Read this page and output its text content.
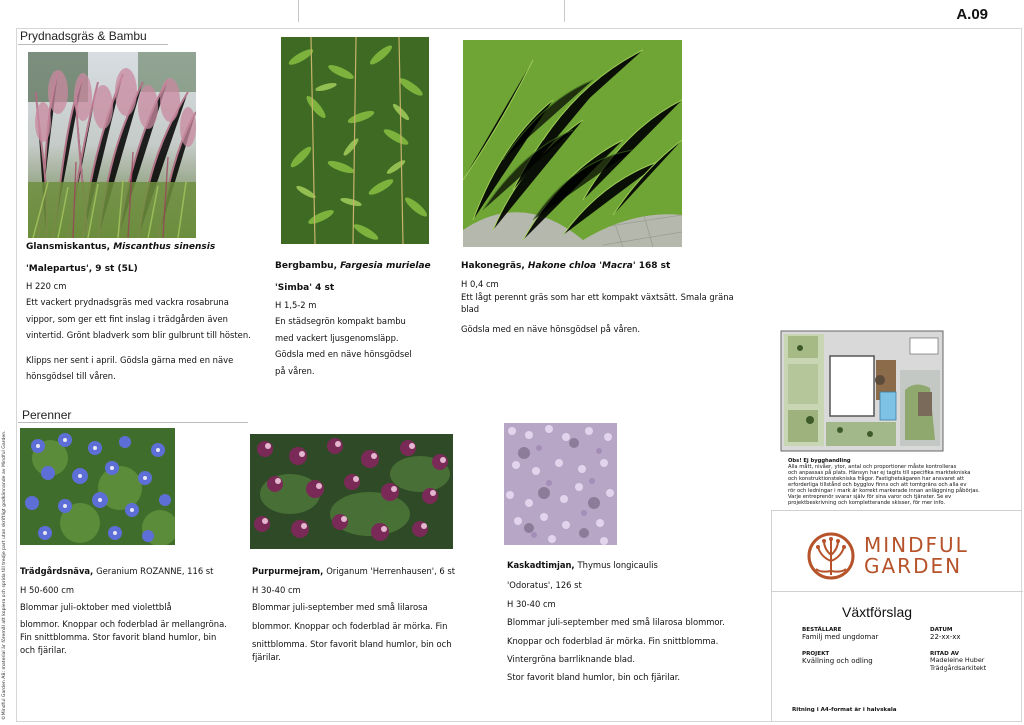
A.09
©Mindful Garden AB: material är föremål att kopiera och sprida till tredje part utan skriftligt godkännande av Mindful Garden.
Prydnadsgräs & Bambu

Glansmiskantus, Miscanthus sinensis

'Malepartus', 9 st (5L)

H 220 cm

Ett vackert prydnadsgräs med vackra rosabruna

vippor, som ger ett fint inslag i trädgården även

vintertid. Grönt bladverk som blir gulbrunt till hösten.

Klipps ner sent i april. Gödsla gärna med en näve

hönsgödsel till våren.

Bergbambu, Fargesia murielae

'Simba' 4 st

H 1,5-2 m

En städsegrön kompakt bambu

med vackert ljusgenomsläpp.

Gödsla med en näve hönsgödsel

på våren.

Hakonegräs, Hakone chloa 'Macra' 168 st

H 0,4 cm

Ett lågt perennt gräs som har ett kompakt växtsätt. Smala gräna

blad

Gödsla med en näve hönsgödsel på våren.

Perenner

Trädgårdsnäva, Geranium ROZANNE, 116 st

H 50-600 cm

Blommar juli-oktober med violettblå

blommor. Knoppar och foderblad är mellangröna.

Fin snittblomma. Stor favorit bland humlor, bin

och fjärilar.

Purpurmejram, Origanum 'Herrenhausen', 6 st

H 30-40 cm

Blommar juli-september med små lilarosa

blommor. Knoppar och foderblad är mörka. Fin

snittblomma. Stor favorit bland humlor, bin och

fjärilar.

Kaskadtimjan, Thymus longicaulis

'Odoratus', 126 st

H 30-40 cm

Blommar juli-september med små lilarosa blommor.

Knoppar och foderblad är mörka. Fin snittblomma.

Vintergröna barrliknande blad.

Stor favorit bland humlor, bin och fjärilar.

Obs! Ej bygghandling
Alla mått, nivåer, ytor, antal och proportioner måste kontrolleras
och anpassas på plats. Hänsyn har ej tagits till specifika marktekniska
och konstruktionstekniska frågor. Fastighetsägaren har ansvaret att
erforderliga tillstånd och bygglov finns och att tomtgräns och alla ev
rör och ledningar i mark är korrekt markerade innan anläggning påbörjas.
Varje entreprenör svarar själv för sina varor och tjänster. Se ev
projektbeskrivning och kompletterande skisser, för mer info.
MINDFUL
GARDEN
Växtförslag
BESTÄLLARE
Familj med ungdomar
DATUM
22-xx-xx
PROJEKT
Kvällning och odling
RITAD AV
Madeleine Huber
Trädgårdsarkitekt
Ritning i A4-format är i halvskala
